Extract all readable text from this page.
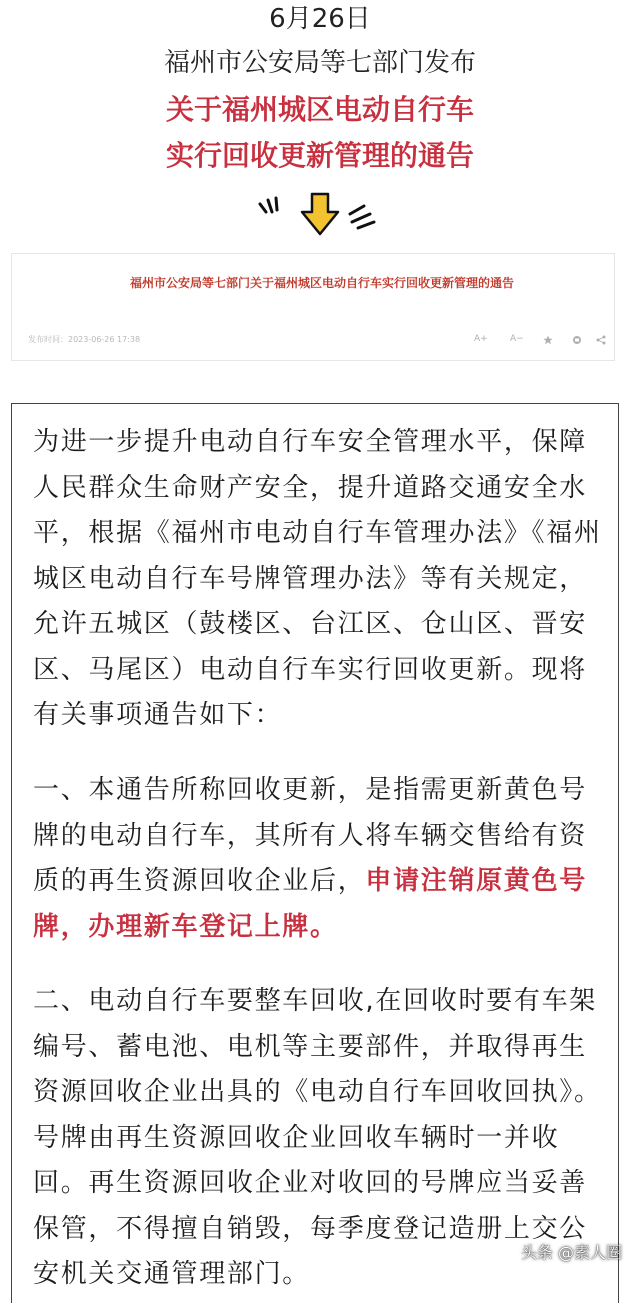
6月26日
福州市公安局等七部门发布
关于福州城区电动自行车
实行回收更新管理的通告
福州市公安局等七部门关于福州城区电动自行车实行回收更新管理的通告
发布时间：2023-06-26 17:38	A+ A−

为进一步提升电动自行车安全管理水平，保障人民群众生命财产安全，提升道路交通安全水平，根据《福州市电动自行车管理办法》《福州城区电动自行车号牌管理办法》等有关规定，允许五城区（鼓楼区、台江区、仓山区、晋安区、马尾区）电动自行车实行回收更新。现将有关事项通告如下：

一、本通告所称回收更新，是指需更新黄色号牌的电动自行车，其所有人将车辆交售给有资质的再生资源回收企业后，申请注销原黄色号牌，办理新车登记上牌。

二、电动自行车要整车回收,在回收时要有车架编号、蓄电池、电机等主要部件，并取得再生资源回收企业出具的《电动自行车回收回执》。号牌由再生资源回收企业回收车辆时一并收回。再生资源回收企业对收回的号牌应当妥善保管，不得擅自销毁，每季度登记造册上交公安机关交通管理部门。

头条 @素人圈
